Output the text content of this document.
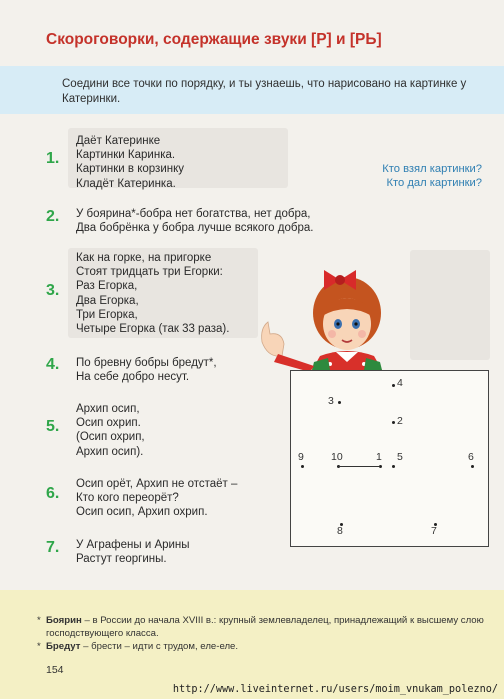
Скороговорки, содержащие звуки [Р] и [РЬ]
Соедини все точки по порядку, и ты узнаешь, что нарисовано на картинке у Катеринки.
1.
Даёт Катеринке
Картинки Каринка.
Картинки в корзинку
Кладёт Катеринка.
Кто взял картинки?
Кто дал картинки?
2. У боярина*-бобра нет богатства, нет добра,
Два бобрёнка у бобра лучше всякого добра.
3.
Как на горке, на пригорке
Стоят тридцать три Егорки:
Раз Егорка,
Два Егорка,
Три Егорка,
Четыре Егорка (так 33 раза).
4. По бревну бобры бредут*,
На себе добро несут.
5.
Архип осип,
Осип охрип.
(Осип охрип,
Архип осип).
6.
Осип орёт, Архип не отстаёт –
Кто кого переорёт?
Осип осип, Архип охрип.
7. У Аграфены и Арины
Растут георгины.
4
3
2
9	10	1 5	6
8	7
* Боярин – в России до начала XVIII в.: крупный землевладелец, принадлежащий к высшему слою господствующего класса.
* Бредут – брести – идти с трудом, еле-еле.
154
http://www.liveinternet.ru/users/moim_vnukam_polezno/
